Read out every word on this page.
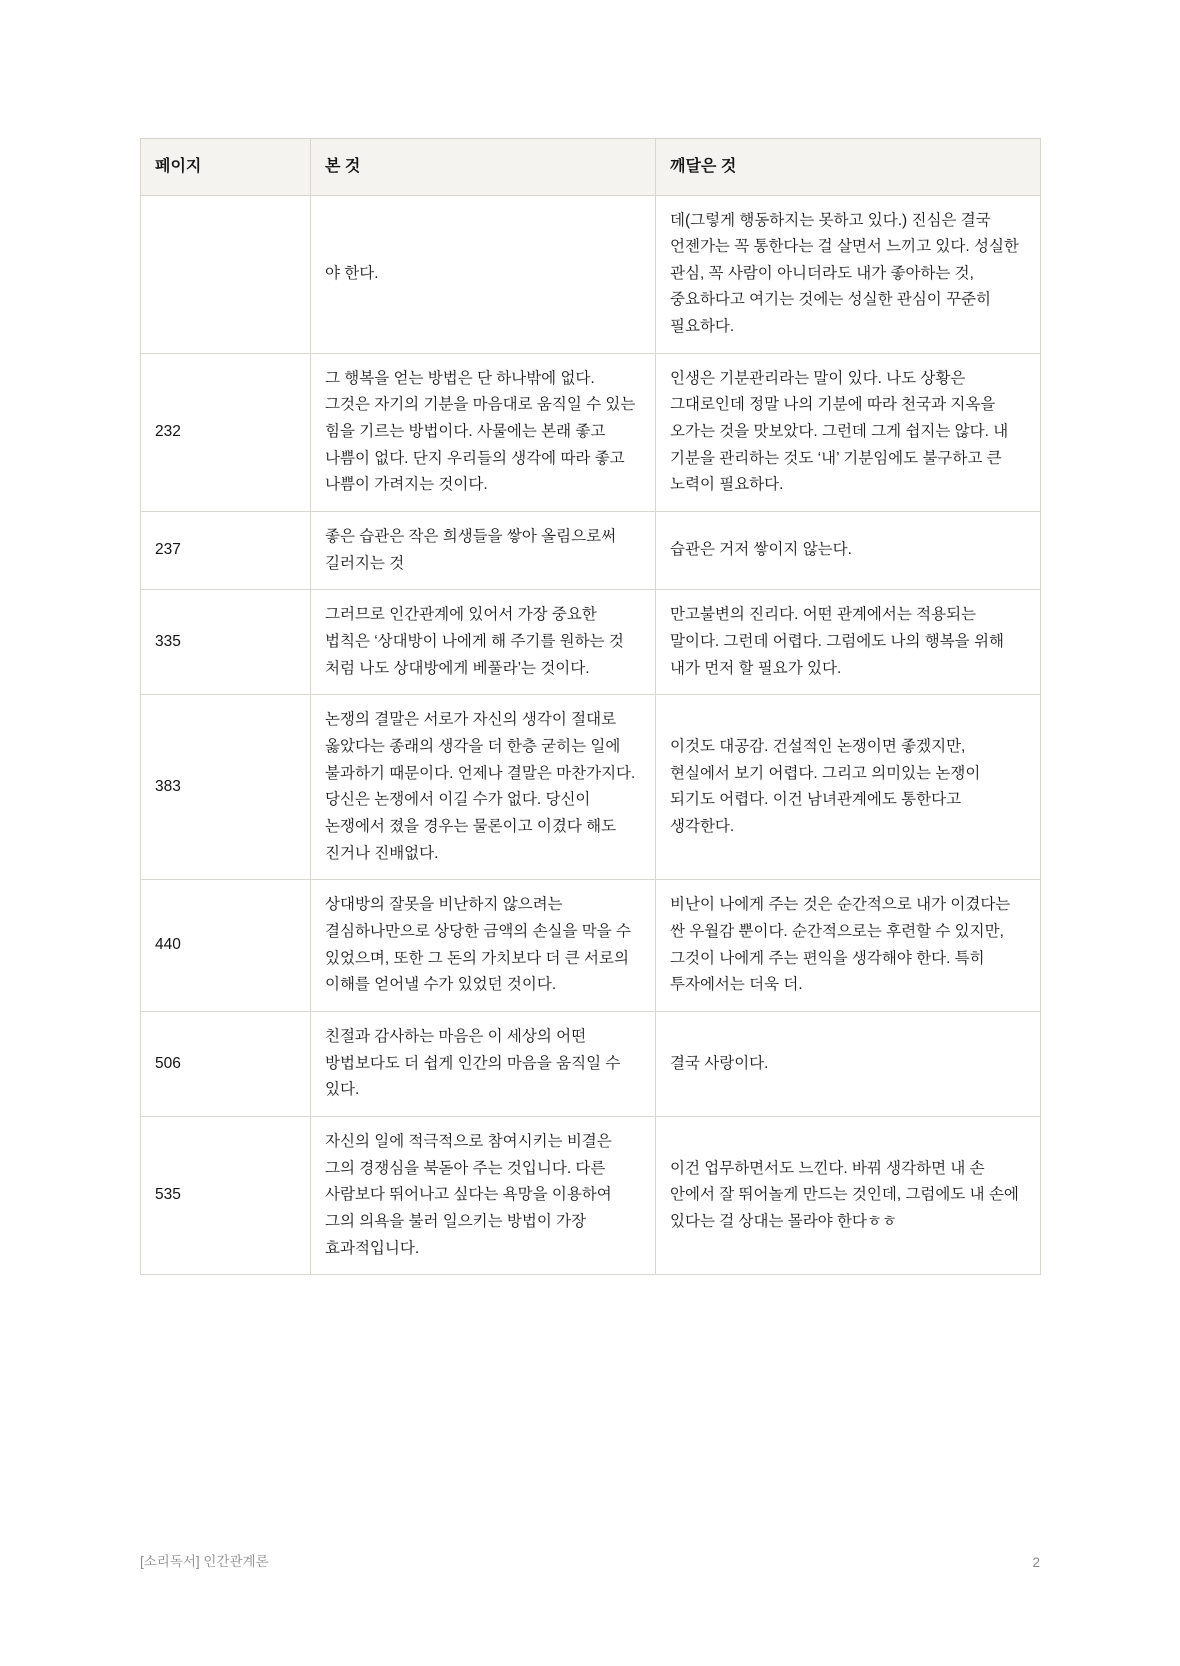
페이지	본 것	깨달은 것
	야 한다.	데(그렇게 행동하지는 못하고 있다.) 진심은 결국 언젠가는 꼭 통한다는 걸 살면서 느끼고 있다. 성실한 관심, 꼭 사람이 아니더라도 내가 좋아하는 것, 중요하다고 여기는 것에는 성실한 관심이 꾸준히 필요하다.
232	그 행복을 얻는 방법은 단 하나밖에 없다. 그것은 자기의 기분을 마음대로 움직일 수 있는 힘을 기르는 방법이다. 사물에는 본래 좋고 나쁨이 없다. 단지 우리들의 생각에 따라 좋고 나쁨이 가려지는 것이다.	인생은 기분관리라는 말이 있다. 나도 상황은 그대로인데 정말 나의 기분에 따라 천국과 지옥을 오가는 것을 맛보았다. 그런데 그게 쉽지는 않다. 내 기분을 관리하는 것도 ‘내’ 기분임에도 불구하고 큰 노력이 필요하다.
237	좋은 습관은 작은 희생들을 쌓아 올림으로써 길러지는 것	습관은 거저 쌓이지 않는다.
335	그러므로 인간관계에 있어서 가장 중요한 법칙은 ‘상대방이 나에게 해 주기를 원하는 것 처럼 나도 상대방에게 베풀라’는 것이다.	만고불변의 진리다. 어떤 관계에서는 적용되는 말이다. 그런데 어렵다. 그럼에도 나의 행복을 위해 내가 먼저 할 필요가 있다.
383	논쟁의 결말은 서로가 자신의 생각이 절대로 옳았다는 종래의 생각을 더 한층 굳히는 일에 불과하기 때문이다. 언제나 결말은 마찬가지다. 당신은 논쟁에서 이길 수가 없다. 당신이 논쟁에서 졌을 경우는 물론이고 이겼다 해도 진거나 진배없다.	이것도 대공감. 건설적인 논쟁이면 좋겠지만, 현실에서 보기 어렵다. 그리고 의미있는 논쟁이 되기도 어렵다. 이건 남녀관계에도 통한다고 생각한다.
440	상대방의 잘못을 비난하지 않으려는 결심하나만으로 상당한 금액의 손실을 막을 수 있었으며, 또한 그 돈의 가치보다 더 큰 서로의 이해를 얻어낼 수가 있었던 것이다.	비난이 나에게 주는 것은 순간적으로 내가 이겼다는 싼 우월감 뿐이다. 순간적으로는 후련할 수 있지만, 그것이 나에게 주는 편익을 생각해야 한다. 특히 투자에서는 더욱 더.
506	친절과 감사하는 마음은 이 세상의 어떤 방법보다도 더 쉽게 인간의 마음을 움직일 수 있다.	결국 사랑이다.
535	자신의 일에 적극적으로 참여시키는 비결은 그의 경쟁심을 북돋아 주는 것입니다. 다른 사람보다 뛰어나고 싶다는 욕망을 이용하여 그의 의욕을 불러 일으키는 방법이 가장 효과적입니다.	이건 업무하면서도 느낀다. 바꿔 생각하면 내 손 안에서 잘 뛰어놀게 만드는 것인데, 그럼에도 내 손에 있다는 걸 상대는 몰라야 한다ㅎㅎ
[소리독서] 인간관계론	2
